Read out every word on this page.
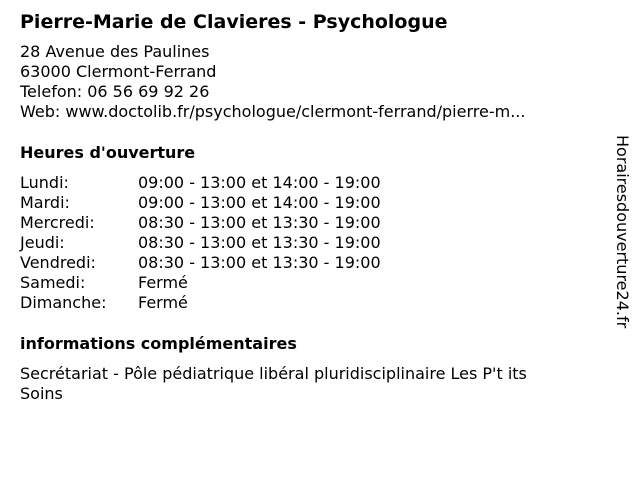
Pierre-Marie de Clavieres - Psychologue
28 Avenue des Paulines
63000 Clermont-Ferrand
Telefon: 06 56 69 92 26
Web: www.doctolib.fr/psychologue/clermont-ferrand/pierre-m...
Heures d'ouverture
Lundi:	09:00 - 13:00 et 14:00 - 19:00
Mardi:	09:00 - 13:00 et 14:00 - 19:00
Mercredi:	08:30 - 13:00 et 13:30 - 19:00
Jeudi:	08:30 - 13:00 et 13:30 - 19:00
Vendredi:	08:30 - 13:00 et 13:30 - 19:00
Samedi:	Fermé
Dimanche:	Fermé
informations complémentaires
Secrétariat - Pôle pédiatrique libéral pluridisciplinaire Les P't its Soins
Horairesdouverture24.fr
